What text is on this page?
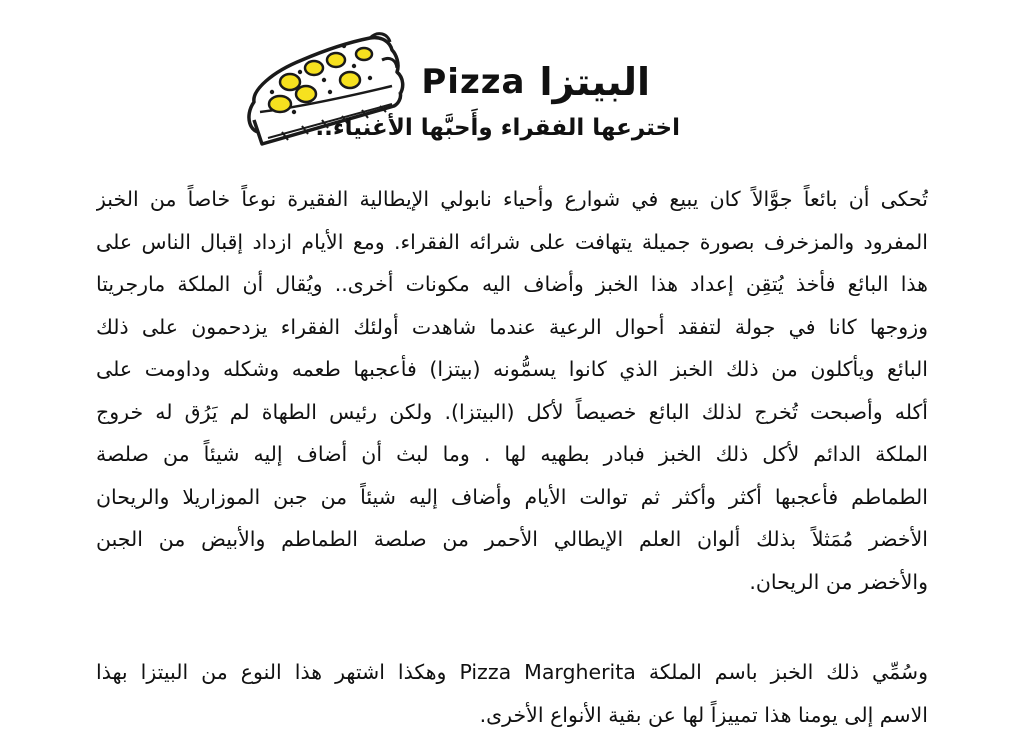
Pizza البيتزا
اخترعها الفقراء وأَحبَّها الأغنياء..
تُحكى أن بائعاً جوَّالاً كان يبيع في شوارع وأحياء نابولي الإيطالية الفقيرة نوعاً خاصاً من الخبز
المفرود والمزخرف بصورة جميلة يتهافت على شرائه الفقراء. ومع الأيام ازداد إقبال الناس على
هذا البائع فأخذ يُتقِن إعداد هذا الخبز وأضاف اليه مكونات أخرى.. ويُقال أن الملكة مارجريتا
وزوجها كانا في جولة لتفقد أحوال الرعية عندما شاهدت أولئك الفقراء يزدحمون على ذلك
البائع ويأكلون من ذلك الخبز الذي كانوا يسمُّونه (بيتزا) فأعجبها طعمه وشكله وداومت على
أكله وأصبحت تُخرج لذلك البائع خصيصاً لأكل (البيتزا). ولكن رئيس الطهاة لم يَرُق له خروج
الملكة الدائم لأكل ذلك الخبز فبادر بطهيه لها . وما لبث أن أضاف إليه شيئاً من صلصة
الطماطم فأعجبها أكثر وأكثر ثم توالت الأيام وأضاف إليه شيئاً من جبن الموزاريلا والريحان
الأخضر مُمَثلاً بذلك ألوان العلم الإيطالي الأحمر من صلصة الطماطم والأبيض من الجبن
والأخضر من الريحان.
وسُمِّي ذلك الخبز باسم الملكة Pizza Margherita وهكذا اشتهر هذا النوع من البيتزا بهذا
الاسم إلى يومنا هذا تمييزاً لها عن بقية الأنواع الأخرى.
